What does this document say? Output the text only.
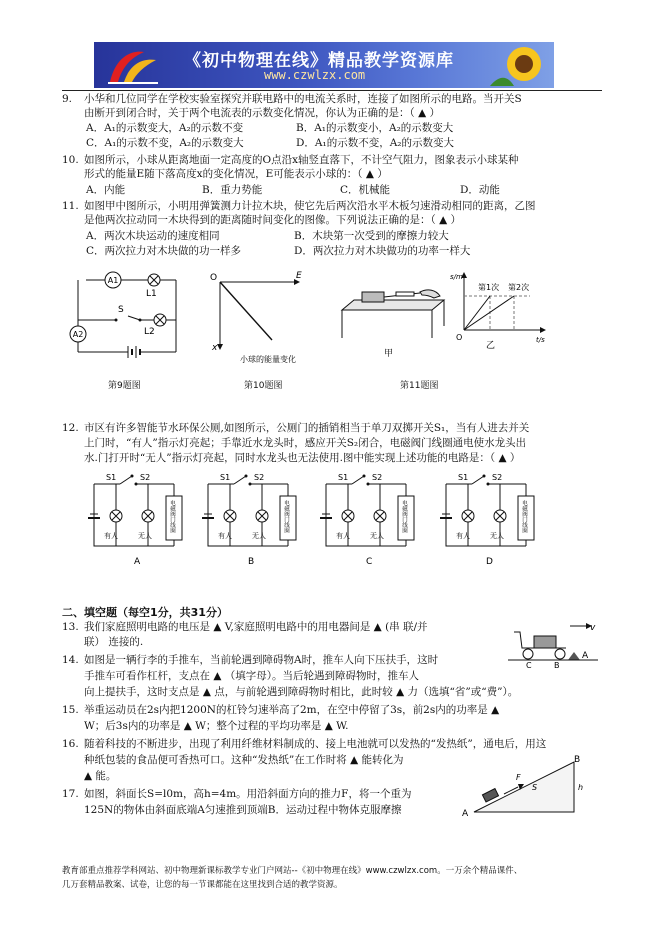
《初中物理在线》精品教学资源库
www.czwlzx.com
9. 小华和几位同学在学校实验室探究并联电路中的电流关系时，连接了如图所示的电路。当开关S
由断开到闭合时，关于两个电流表的示数变化情况，你认为正确的是：（ ▲ ）
A．A₁的示数变大，A₂的示数不变	B．A₁的示数变小，A₂的示数变大
C．A₁的示数不变，A₂的示数变大	D．A₁的示数不变，A₂的示数变大
10. 如图所示，小球从距离地面一定高度的O点沿x轴竖直落下，不计空气阻力，图象表示小球某种
形式的能量E随下落高度x的变化情况，E可能表示小球的：（ ▲ ）
A．内能	B．重力势能	C．机械能	D．动能
11. 如图甲中图所示，小明用弹簧测力计拉木块，使它先后两次沿水平木板匀速滑动相同的距离，乙图
是他两次拉动同一木块得到的距离随时间变化的图像。下列说法正确的是：（ ▲ ）
A．两次木块运动的速度相同	B．木块第一次受到的摩擦力较大
C．两次拉力对木块做的功一样多	D．两次拉力对木块做功的功率一样大
A1
L1
A2
S
L2
第9题图
O	E
x
小球的能量变化
第10题图
甲
s/m
t/s
O
第1次 第2次
乙
第11题图
12. 市区有许多智能节水环保公厕,如图所示，公厕门的插销相当于单刀双掷开关S₁，当有人进去并关
上门时，“有人”指示灯亮起；手靠近水龙头时，感应开关S₂闭合，电磁阀门线圈通电使水龙头出
水.门打开时“无人”指示灯亮起，同时水龙头也无法使用.图中能实现上述功能的电路是：（ ▲ ）
S1	S2
有人	无人
电磁阀门线圈
A
S1	S2
有人	无人
电磁阀门线圈
B
S1	S2
有人	无人
电磁阀门线圈
C
S1	S2
有人	无人
电磁阀门线圈
D
二、填空题（每空1分，共31分）
13. 我们家庭照明电路的电压是 ▲ V,家庭照明电路中的用电器间是 ▲ (串 联/并
联） 连接的.
14. 如图是一辆行李的手推车，当前轮遇到障碍物A时，推车人向下压扶手，这时
手推车可看作杠杆，支点在 ▲ （填字母）。当后轮遇到障碍物时，推车人
向上提扶手，这时支点是 ▲ 点，与前轮遇到障碍物时相比，此时较 ▲ 力（选填“省”或“费”）。
v
A
C	B
15. 举重运动员在2s内把1200N的杠铃匀速举高了2m，在空中停留了3s，前2s内的功率是 ▲
W；后3s内的功率是 ▲ W；整个过程的平均功率是 ▲ W.
16. 随着科技的不断进步，出现了利用纤维材料制成的、接上电池就可以发热的“发热纸”，通电后，用这
种纸包装的食品便可香热可口。这种“发热纸”在工作时将 ▲ 能转化为
▲ 能。
17. 如图，斜面长S=l0m，高h=4m。用沿斜面方向的推力F，将一个重为
125N的物体由斜面底端A匀速推到顶端B．运动过程中物体克服摩擦
F
S	h
A
B
教育部重点推荐学科网站、初中物理新课标教学专业门户网站--《初中物理在线》www.czwlzx.com。一万余个精品课件、
几万套精品教案、试卷，让您的每一节课都能在这里找到合适的教学资源。
